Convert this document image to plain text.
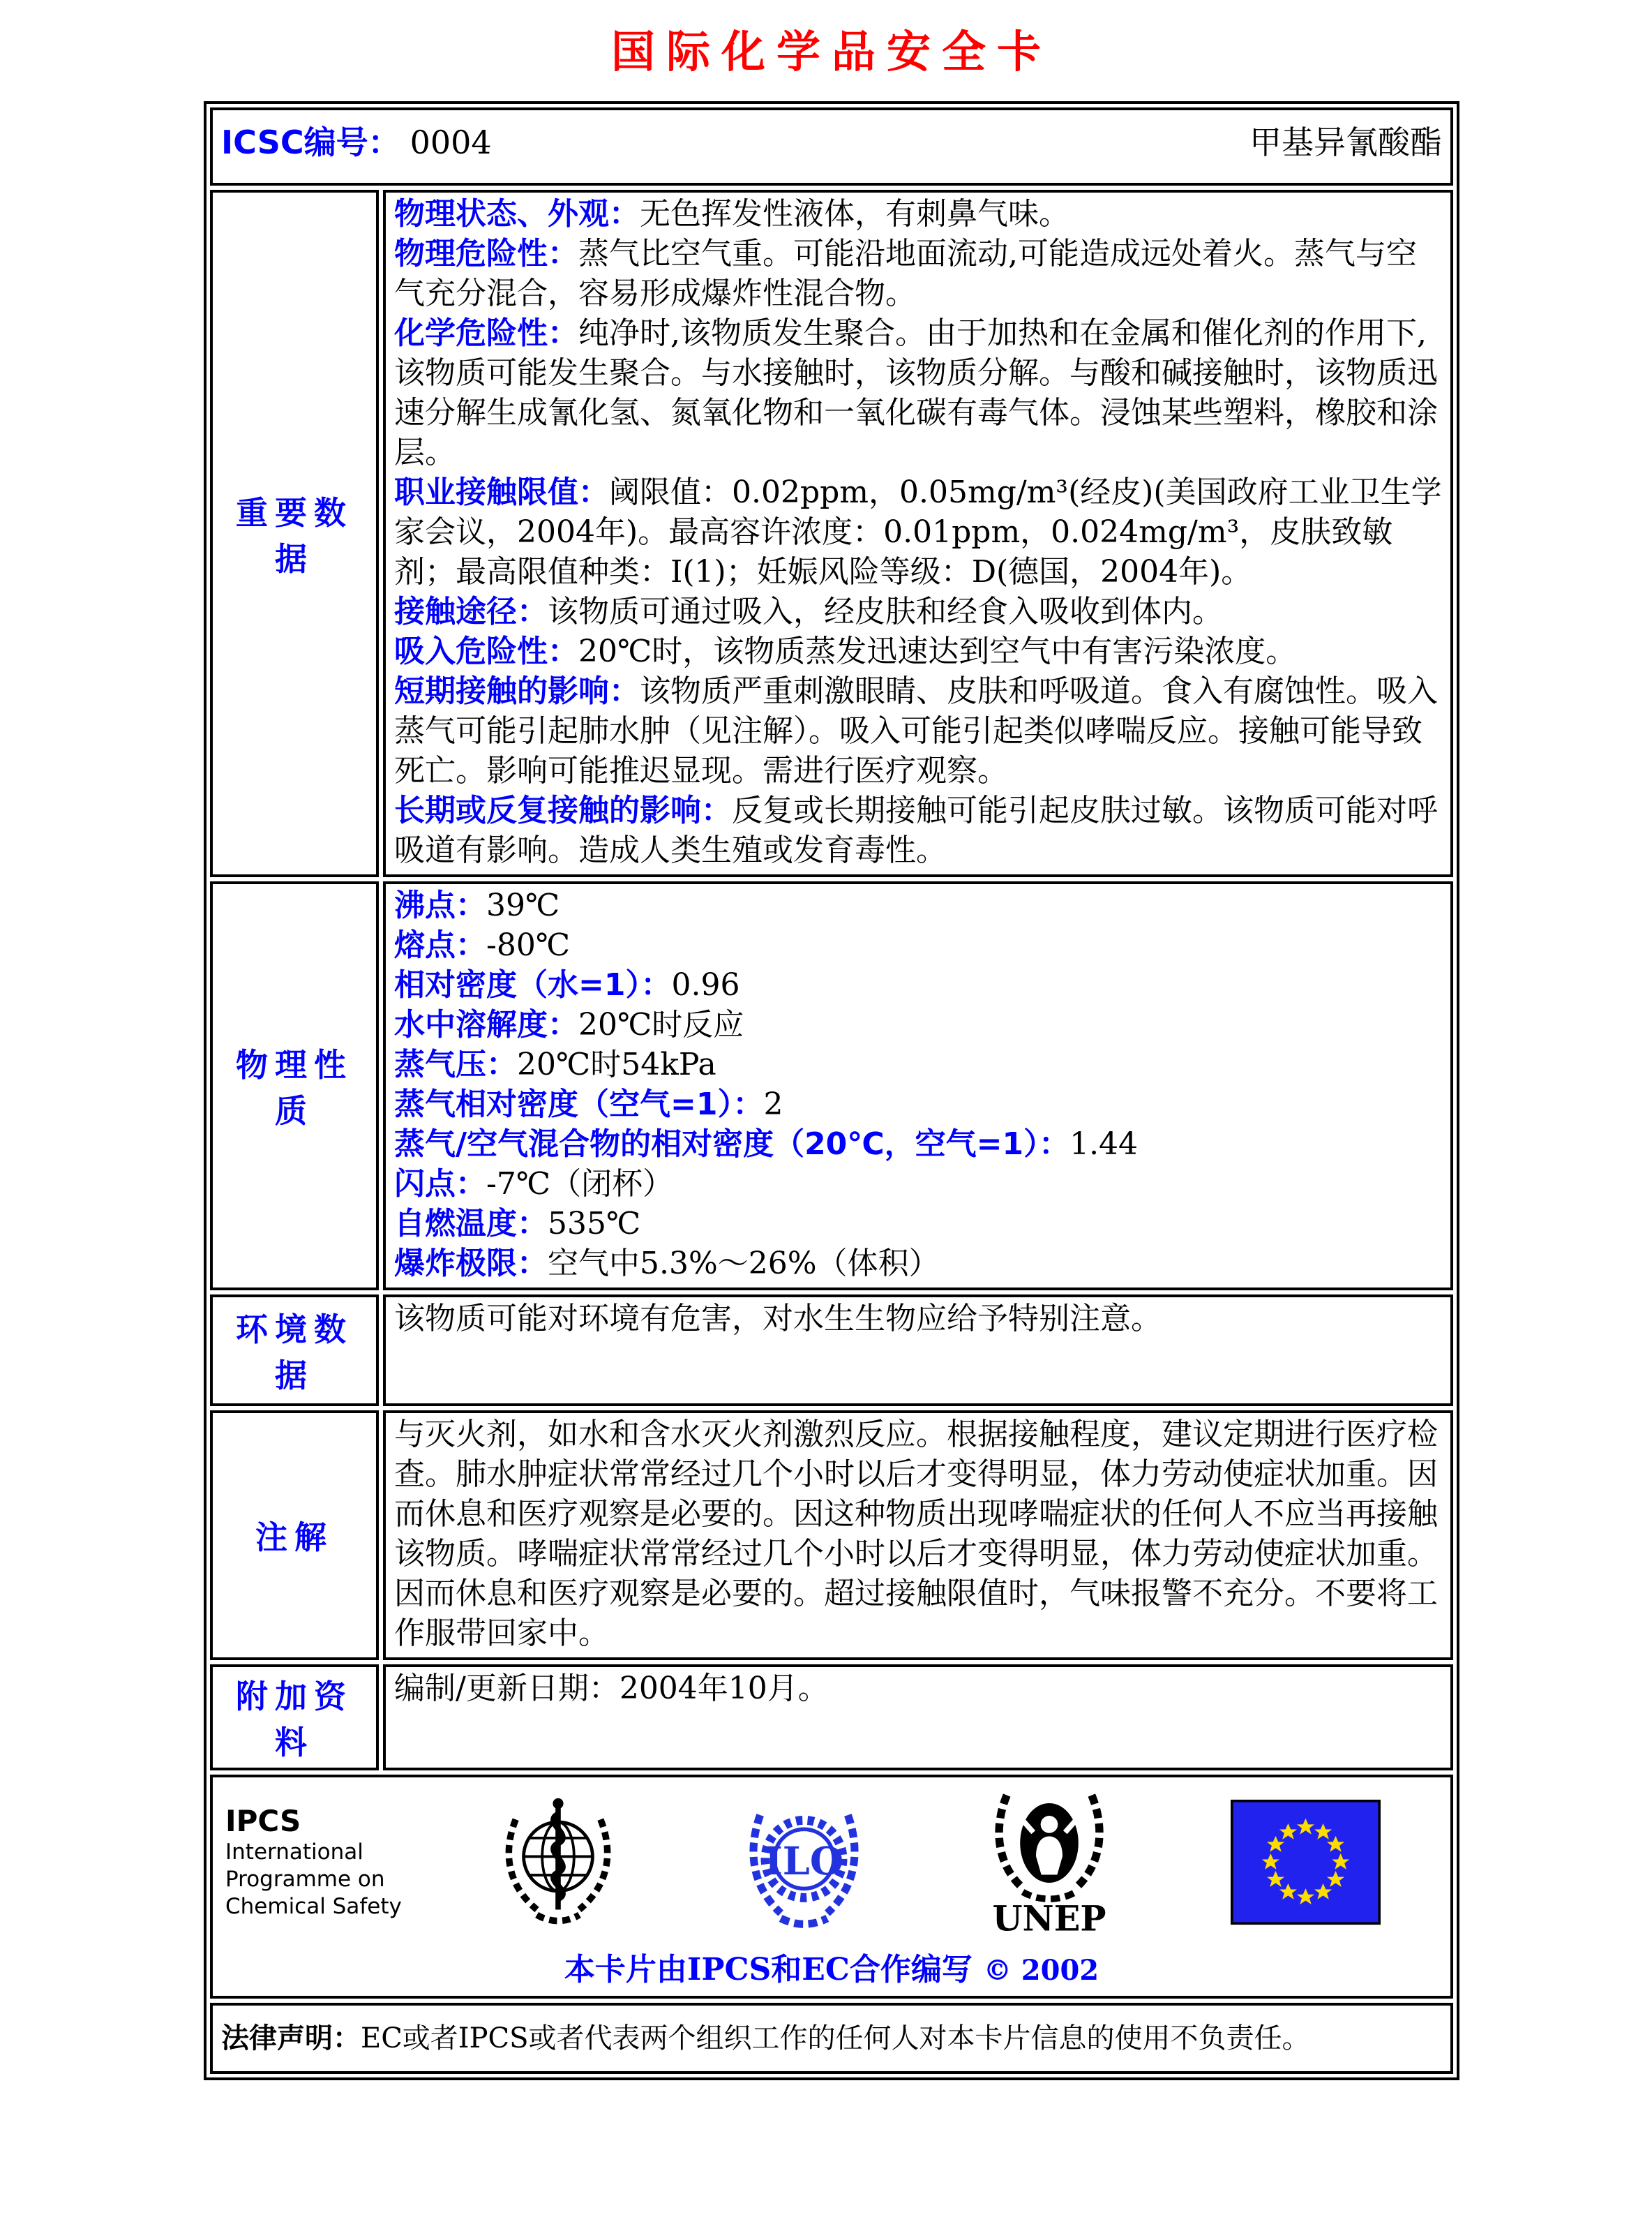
国际化学品安全卡
ICSC编号： 0004	甲基异氰酸酯
重要数据

物理状态、外观：无色挥发性液体，有刺鼻气味。

物理危险性：蒸气比空气重。可能沿地面流动,可能造成远处着火。蒸气与空气充分混合，容易形成爆炸性混合物。

化学危险性：纯净时,该物质发生聚合。由于加热和在金属和催化剂的作用下,该物质可能发生聚合。与水接触时，该物质分解。与酸和碱接触时，该物质迅速分解生成氰化氢、氮氧化物和一氧化碳有毒气体。浸蚀某些塑料，橡胶和涂层。

职业接触限值：阈限值：0.02ppm，0.05mg/m³(经皮)(美国政府工业卫生学家会议，2004年)。最高容许浓度：0.01ppm，0.024mg/m³，皮肤致敏剂；最高限值种类：I(1)；妊娠风险等级：D(德国，2004年)。

接触途径：该物质可通过吸入，经皮肤和经食入吸收到体内。

吸入危险性：20℃时，该物质蒸发迅速达到空气中有害污染浓度。

短期接触的影响：该物质严重刺激眼睛、皮肤和呼吸道。食入有腐蚀性。吸入蒸气可能引起肺水肿（见注解）。吸入可能引起类似哮喘反应。接触可能导致死亡。影响可能推迟显现。需进行医疗观察。

长期或反复接触的影响：反复或长期接触可能引起皮肤过敏。该物质可能对呼吸道有影响。造成人类生殖或发育毒性。

物理性质

沸点：39℃

熔点：-80℃

相对密度（水=1）：0.96

水中溶解度：20℃时反应

蒸气压：20℃时54kPa

蒸气相对密度（空气=1）：2

蒸气/空气混合物的相对密度（20℃，空气=1）：1.44

闪点：-7℃（闭杯）

自燃温度：535℃

爆炸极限：空气中5.3%～26%（体积）

环境数据

该物质可能对环境有危害，对水生生物应给予特别注意。

注解

与灭火剂，如水和含水灭火剂激烈反应。根据接触程度，建议定期进行医疗检查。肺水肿症状常常经过几个小时以后才变得明显，体力劳动使症状加重。因而休息和医疗观察是必要的。因这种物质出现哮喘症状的任何人不应当再接触该物质。哮喘症状常常经过几个小时以后才变得明显，体力劳动使症状加重。因而休息和医疗观察是必要的。超过接触限值时，气味报警不充分。不要将工作服带回家中。

附加资料

编制/更新日期：2004年10月。

IPCS
International
Programme on
Chemical Safety
ILO
UNEP
本卡片由IPCS和EC合作编写 © 2002
法律声明：EC或者IPCS或者代表两个组织工作的任何人对本卡片信息的使用不负责任。
